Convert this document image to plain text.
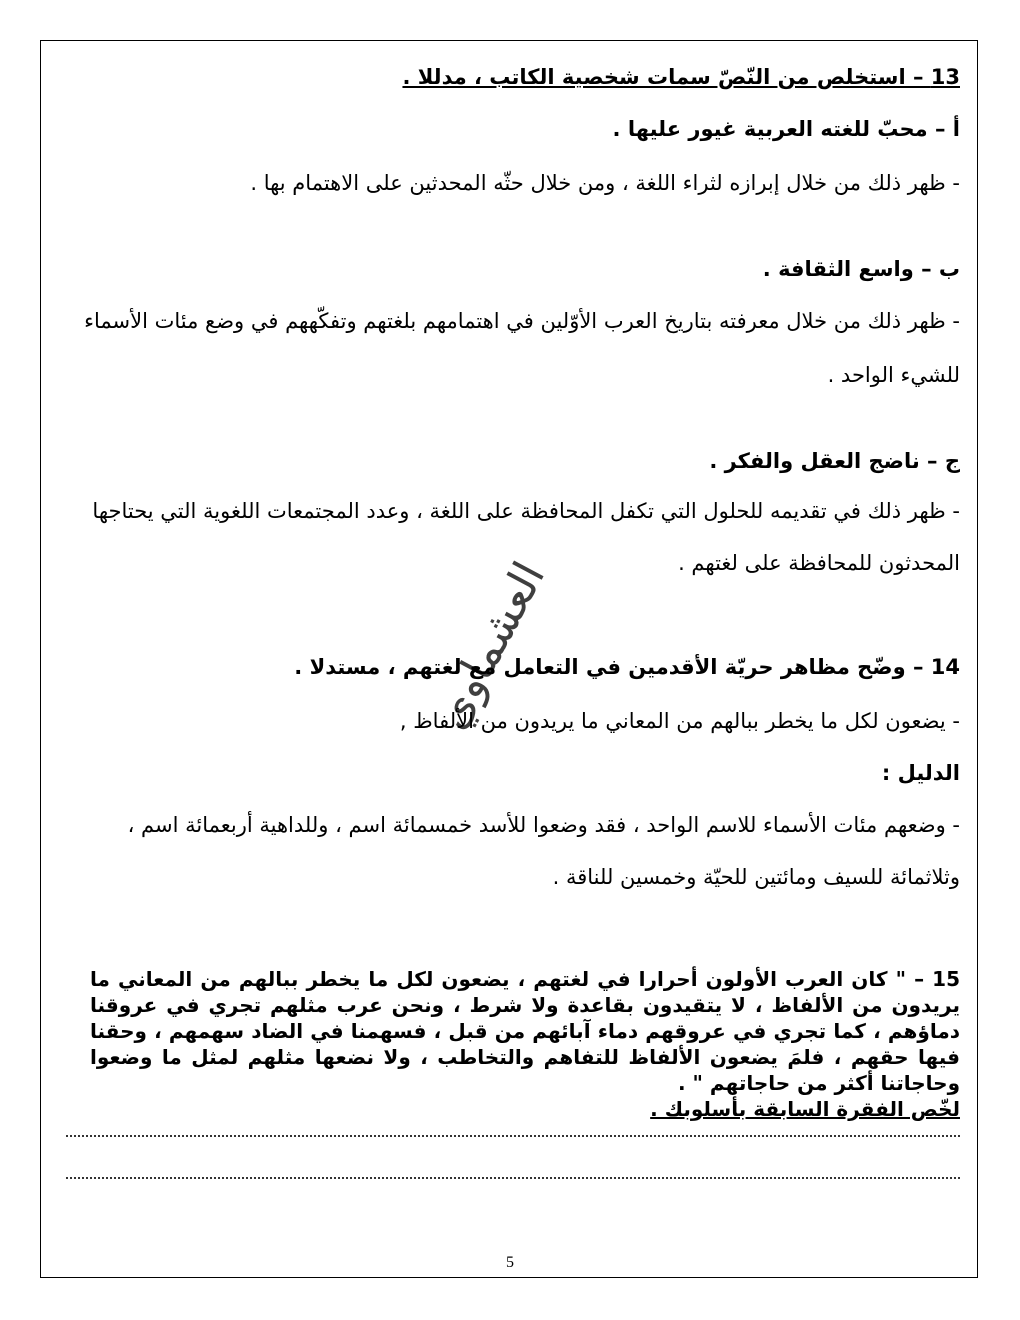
13 – استخلص من النّصّ سمات شخصية الكاتب ، مدللا .
أ – محبّ للغته العربية غيور عليها .
- ظهر ذلك من خلال إبرازه لثراء اللغة ، ومن خلال حثّه المحدثين على الاهتمام بها .
ب – واسع الثقافة .
- ظهر ذلك من خلال معرفته بتاريخ العرب الأوّلين في اهتمامهم بلغتهم وتفكّههم في وضع مئات الأسماء
للشيء الواحد .
ج – ناضج العقل والفكر .
- ظهر ذلك في تقديمه للحلول التي تكفل المحافظة على اللغة ، وعدد المجتمعات اللغوية التي يحتاجها
المحدثون للمحافظة على لغتهم .
14 – وضّح مظاهر حريّة الأقدمين في التعامل مع لغتهم ، مستدلا .
- يضعون لكل ما يخطر ببالهم من المعاني ما يريدون من الألفاظ ,
الدليل :
- وضعهم مئات الأسماء للاسم الواحد ، فقد وضعوا للأسد خمسمائة اسم ، وللداهية أربعمائة اسم ،
وثلاثمائة للسيف ومائتين للحيّة وخمسين للناقة .
15 – " كان العرب الأولون أحرارا في لغتهم ، يضعون لكل ما يخطر ببالهم من المعاني ما يريدون من الألفاظ ، لا يتقيدون بقاعدة ولا شرط ، ونحن عرب مثلهم تجري في عروقنا دماؤهم ، كما تجري في عروقهم دماء آبائهم من قبل ، فسهمنا في الضاد سهمهم ، وحقنا فيها حقهم ، فلمَ يضعون الألفاظ للتفاهم والتخاطب ، ولا نضعها مثلهم لمثل ما وضعوا وحاجاتنا أكثر من حاجاتهم " .
لخّص الفقرة السابقة بأسلوبك .
العشماوي
5
